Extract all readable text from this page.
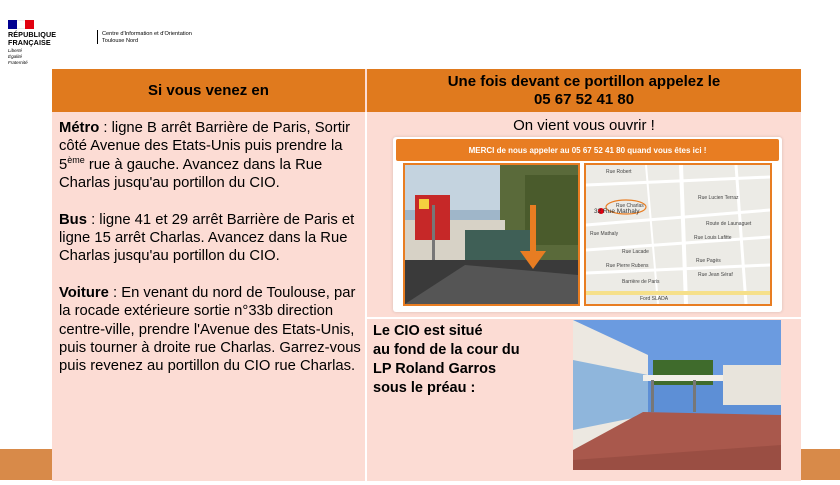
RÉPUBLIQUE
FRANÇAISE
Liberté
Égalité
Fraternité
Centre d'Information et d'Orientation
Toulouse Nord
Si vous venez en
Une fois devant ce portillon appelez le
05 67 52 41 80

Métro : ligne B arrêt Barrière de Paris, Sortir côté Avenue des Etats-Unis puis prendre la 5ème rue à gauche. Avancez dans la Rue Charlas jusqu'au portillon du CIO.

Bus : ligne 41 et 29 arrêt Barrière de Paris et ligne 15 arrêt Charlas. Avancez dans la Rue Charlas jusqu'au portillon du CIO.

Voiture : En venant du nord de Toulouse, par la rocade extérieure sortie n°33b direction centre-ville, prendre l'Avenue des Etats-Unis, puis tourner à droite rue Charlas. Garrez-vous puis revenez au portillon du CIO rue Charlas.

On vient vous ouvrir !
MERCI de nous appeler au 05 67 52 41 80 quand vous êtes ici !
Rue Charlas
32 Rue Mathaly
Rue Robert
Rue Mathaly
Rue Lacade
Rue Pierre Rubens
Rue Pagès
Rue Jean Séraf
Barrière de Paris
Ford SLADA
Rue Louis Lafitte
Rue Lucien Terraz
Route de Launaguet
Le CIO est situé
au fond de la cour du
LP Roland Garros
sous le préau :
